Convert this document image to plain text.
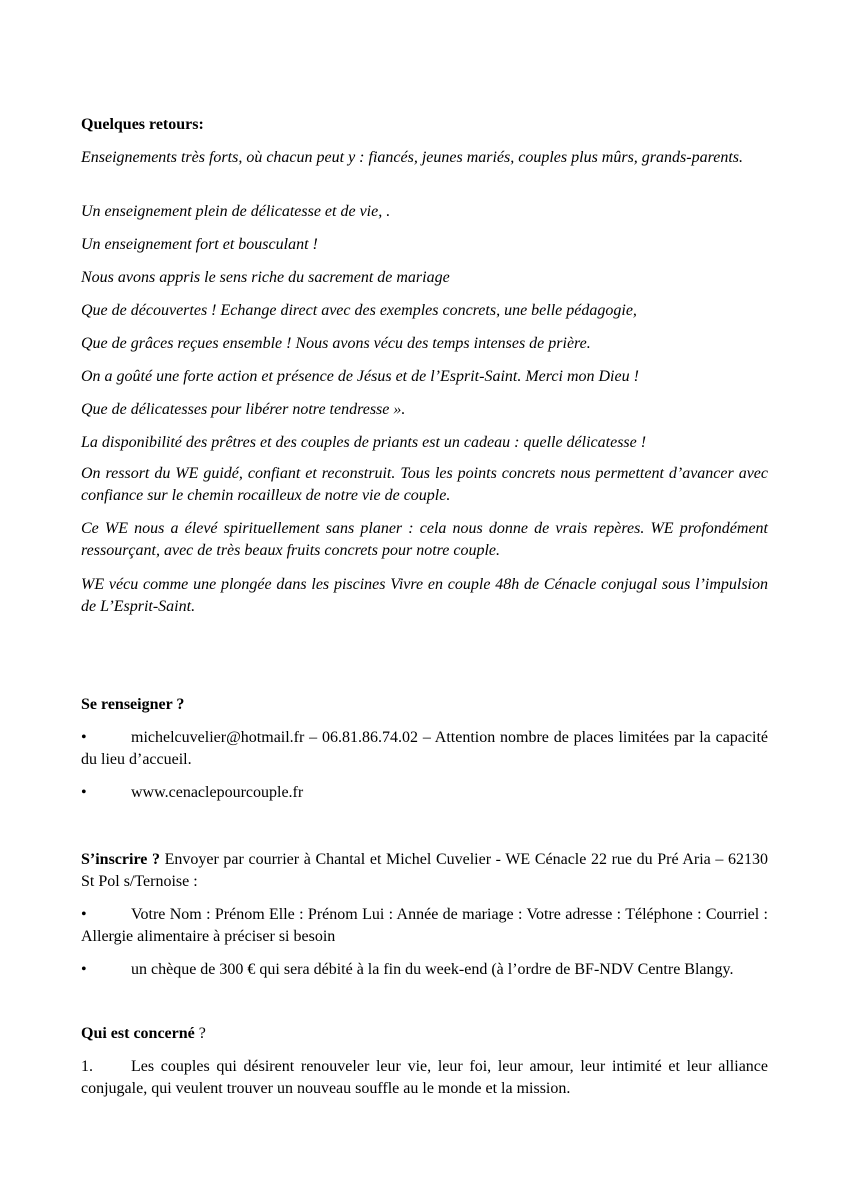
Quelques retours:
Enseignements très forts, où chacun peut y : fiancés, jeunes mariés, couples plus mûrs, grands-parents.
Un enseignement plein de délicatesse et de vie, .
Un enseignement fort et bousculant !
Nous avons appris le sens riche du sacrement de mariage
Que de découvertes ! Echange direct avec des exemples concrets, une belle pédagogie,
Que de grâces reçues ensemble ! Nous avons vécu des temps intenses de prière.
On a goûté une forte action et présence de Jésus et de l’Esprit-Saint. Merci mon Dieu !
Que de délicatesses pour libérer notre tendresse ».
La disponibilité des prêtres et des couples de priants est un cadeau : quelle délicatesse !
On ressort du WE guidé, confiant et reconstruit. Tous les points concrets nous permettent d’avancer avec confiance sur le chemin rocailleux de notre vie de couple.
Ce WE nous a élevé spirituellement sans planer : cela nous donne de vrais repères. WE profondément ressourçant, avec de très beaux fruits concrets pour notre couple.
WE vécu comme une plongée dans les piscines Vivre en couple 48h de Cénacle conjugal sous l’impulsion de L’Esprit-Saint.
Se renseigner ?
•	michelcuvelier@hotmail.fr – 06.81.86.74.02 – Attention nombre de places limitées par la capacité du lieu d’accueil.
•	www.cenaclepourcouple.fr
S’inscrire ? Envoyer par courrier à Chantal et Michel Cuvelier - WE Cénacle 22 rue du Pré Aria – 62130 St Pol s/Ternoise :
•	Votre Nom : Prénom Elle : Prénom Lui : Année de mariage : Votre adresse : Téléphone : Courriel : Allergie alimentaire à préciser si besoin
•	un chèque de 300 € qui sera débité à la fin du week-end (à l’ordre de BF-NDV Centre Blangy.
Qui est concerné ?
1. Les couples qui désirent renouveler leur vie, leur foi, leur amour, leur intimité et leur alliance conjugale, qui veulent trouver un nouveau souffle au le monde et la mission.
